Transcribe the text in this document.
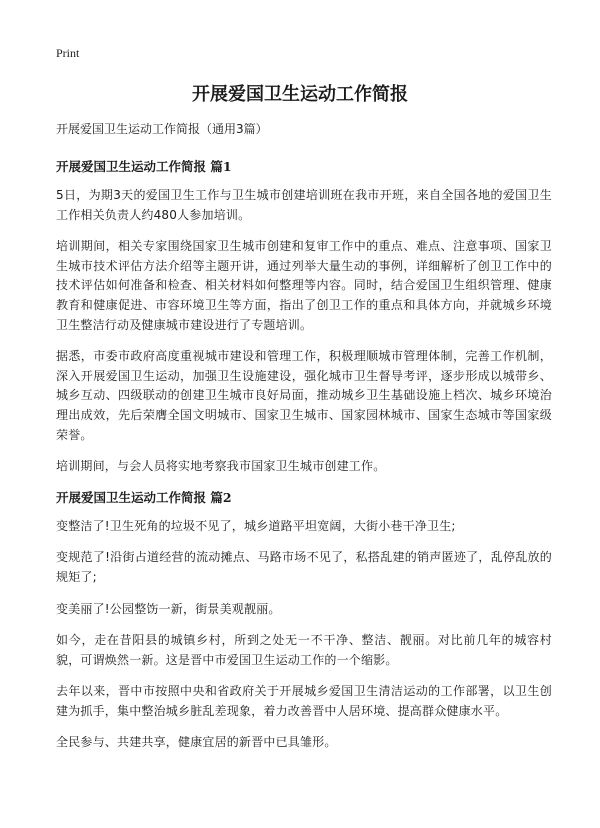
Print
开展爱国卫生运动工作简报

开展爱国卫生运动工作简报（通用3篇）

开展爱国卫生运动工作简报 篇1

5日，为期3天的爱国卫生工作与卫生城市创建培训班在我市开班，来自全国各地的爱国卫生工作相关负责人约480人参加培训。

培训期间，相关专家围绕国家卫生城市创建和复审工作中的重点、难点、注意事项、国家卫生城市技术评估方法介绍等主题开讲，通过列举大量生动的事例，详细解析了创卫工作中的技术评估如何准备和检查、相关材料如何整理等内容。同时，结合爱国卫生组织管理、健康教育和健康促进、市容环境卫生等方面，指出了创卫工作的重点和具体方向，并就城乡环境卫生整洁行动及健康城市建设进行了专题培训。

据悉，市委市政府高度重视城市建设和管理工作，积极理顺城市管理体制，完善工作机制，深入开展爱国卫生运动，加强卫生设施建设，强化城市卫生督导考评，逐步形成以城带乡、城乡互动、四级联动的创建卫生城市良好局面，推动城乡卫生基础设施上档次、城乡环境治理出成效，先后荣膺全国文明城市、国家卫生城市、国家园林城市、国家生态城市等国家级荣誉。

培训期间，与会人员将实地考察我市国家卫生城市创建工作。

开展爱国卫生运动工作简报 篇2

变整洁了!卫生死角的垃圾不见了，城乡道路平坦宽阔，大街小巷干净卫生;

变规范了!沿街占道经营的流动摊点、马路市场不见了，私搭乱建的销声匿迹了，乱停乱放的规矩了;

变美丽了!公园整饬一新，街景美观靓丽。

如今，走在昔阳县的城镇乡村，所到之处无一不干净、整洁、靓丽。对比前几年的城容村貌，可谓焕然一新。这是晋中市爱国卫生运动工作的一个缩影。

去年以来，晋中市按照中央和省政府关于开展城乡爱国卫生清洁运动的工作部署，以卫生创建为抓手，集中整治城乡脏乱差现象，着力改善晋中人居环境、提高群众健康水平。

全民参与、共建共享，健康宜居的新晋中已具雏形。
